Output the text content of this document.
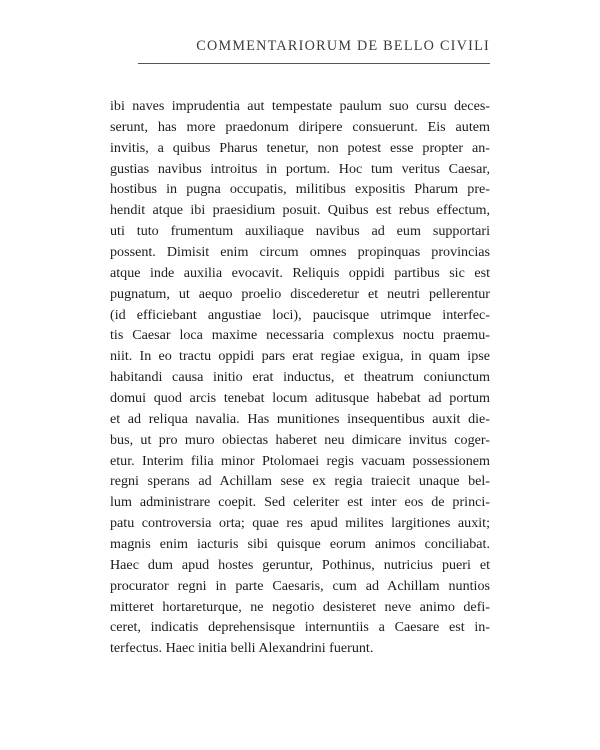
COMMENTARIORUM DE BELLO CIVILI
ibi naves imprudentia aut tempestate paulum suo cursu deces-
serunt, has more praedonum diripere consuerunt. Eis autem
invitis, a quibus Pharus tenetur, non potest esse propter an-
gustias navibus introitus in portum. Hoc tum veritus Caesar,
hostibus in pugna occupatis, militibus expositis Pharum pre-
hendit atque ibi praesidium posuit. Quibus est rebus effectum,
uti tuto frumentum auxiliaque navibus ad eum supportari
possent. Dimisit enim circum omnes propinquas provincias
atque inde auxilia evocavit. Reliquis oppidi partibus sic est
pugnatum, ut aequo proelio discederetur et neutri pellerentur
(id efficiebant angustiae loci), paucisque utrimque interfec-
tis Caesar loca maxime necessaria complexus noctu praemu-
niit. In eo tractu oppidi pars erat regiae exigua, in quam ipse
habitandi causa initio erat inductus, et theatrum coniunctum
domui quod arcis tenebat locum aditusque habebat ad portum
et ad reliqua navalia. Has munitiones insequentibus auxit die-
bus, ut pro muro obiectas haberet neu dimicare invitus coger-
etur. Interim filia minor Ptolomaei regis vacuam possessionem
regni sperans ad Achillam sese ex regia traiecit unaque bel-
lum administrare coepit. Sed celeriter est inter eos de princi-
patu controversia orta; quae res apud milites largitiones auxit;
magnis enim iacturis sibi quisque eorum animos conciliabat.
Haec dum apud hostes geruntur, Pothinus, nutricius pueri et
procurator regni in parte Caesaris, cum ad Achillam nuntios
mitteret hortareturque, ne negotio desisteret neve animo defi-
ceret, indicatis deprehensisque internuntiis a Caesare est in-
terfectus. Haec initia belli Alexandrini fuerunt.
